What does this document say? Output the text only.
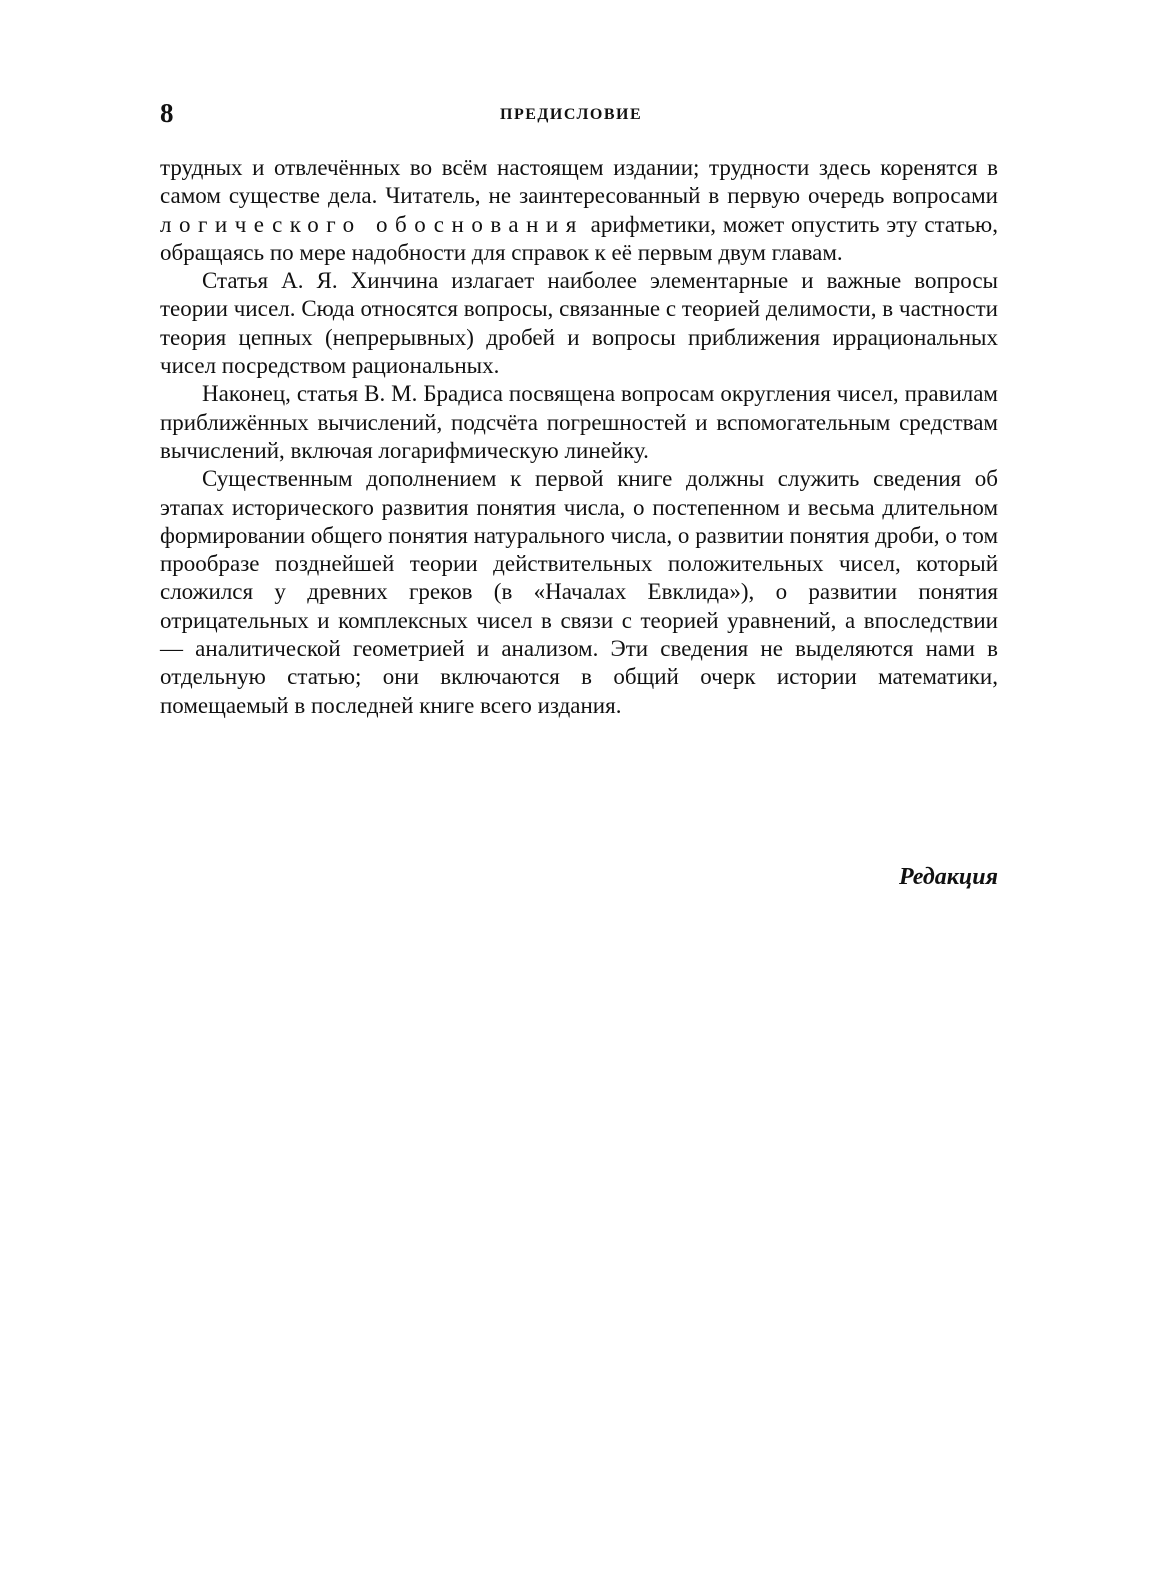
8	ПРЕДИСЛОВИЕ

трудных и отвлечённых во всём настоящем издании; трудности здесь коренятся в самом существе дела. Читатель, не заинтересованный в первую очередь вопросами логического обоснования арифметики, может опустить эту статью, обращаясь по мере надобности для справок к её первым двум главам.

Статья А. Я. Хинчина излагает наиболее элементарные и важные вопросы теории чисел. Сюда относятся вопросы, связанные с теорией делимости, в частности теория цепных (непрерывных) дробей и вопросы приближения иррациональных чисел посредством рациональных.

Наконец, статья В. М. Брадиса посвящена вопросам округления чисел, правилам приближённых вычислений, подсчёта погрешностей и вспомогательным средствам вычислений, включая логарифмическую линейку.

Существенным дополнением к первой книге должны служить сведения об этапах исторического развития понятия числа, о постепенном и весьма длительном формировании общего понятия натурального числа, о развитии понятия дроби, о том прообразе позднейшей теории действительных положительных чисел, который сложился у древних греков (в «Началах Евклида»), о развитии понятия отрицательных и комплексных чисел в связи с теорией уравнений, а впоследствии — аналитической геометрией и анализом. Эти сведения не выделяются нами в отдельную статью; они включаются в общий очерк истории математики, помещаемый в последней книге всего издания.

Редакция
